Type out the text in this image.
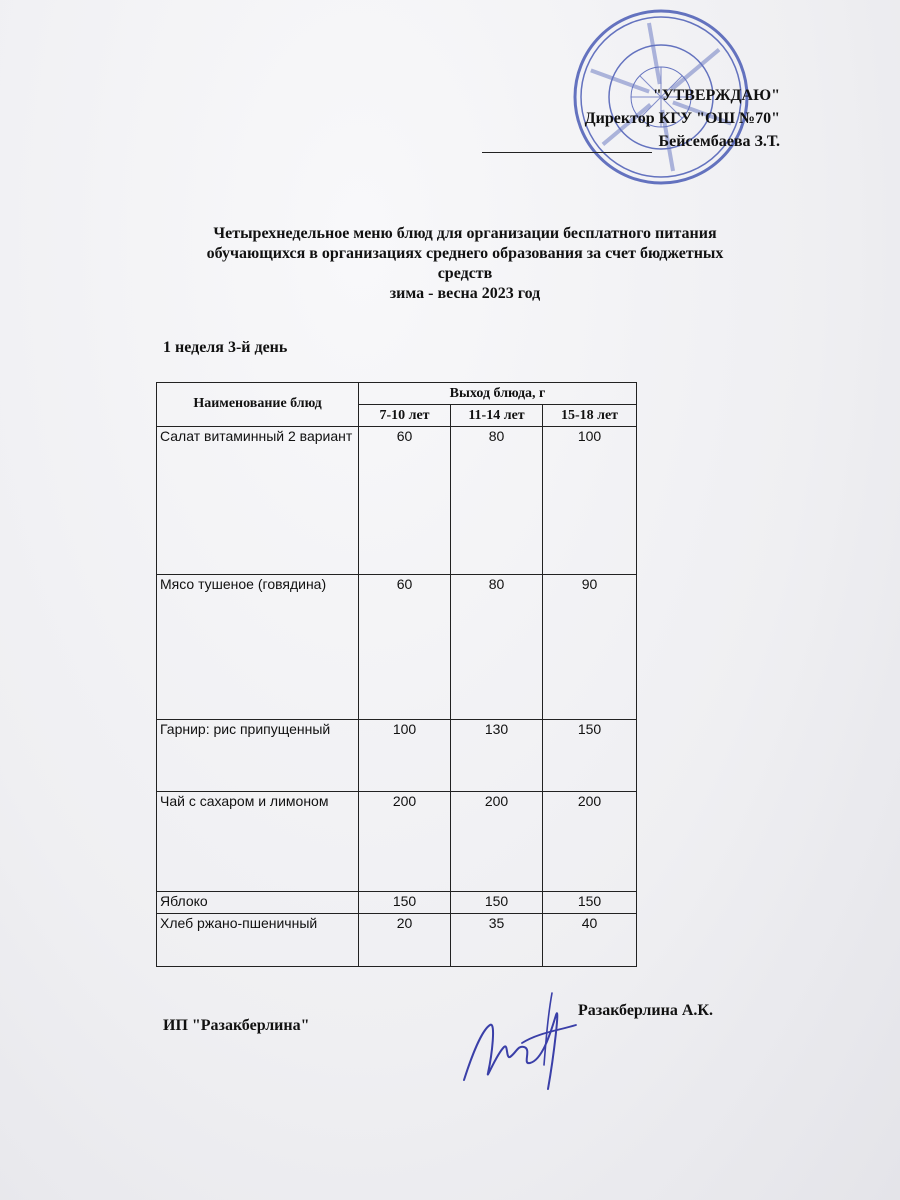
"УТВЕРЖДАЮ"
Директор КГУ "ОШ №70"
Бейсембаева З.Т.
Четырехнедельное меню блюд для организации бесплатного питания
обучающихся в организациях среднего образования за счет бюджетных
средств
зима - весна 2023 год
1 неделя 3-й день
Наименование блюд	Выход блюда, г		
	7-10 лет	11-14 лет	15-18 лет
Салат витаминный 2 вариант	60	80	100
Мясо тушеное (говядина)	60	80	90
Гарнир: рис припущенный	100	130	150
Чай с сахаром и лимоном	200	200	200
Яблоко	150	150	150
Хлеб ржано-пшеничный	20	35	40
ИП "Разакберлина"
Разакберлина А.К.
